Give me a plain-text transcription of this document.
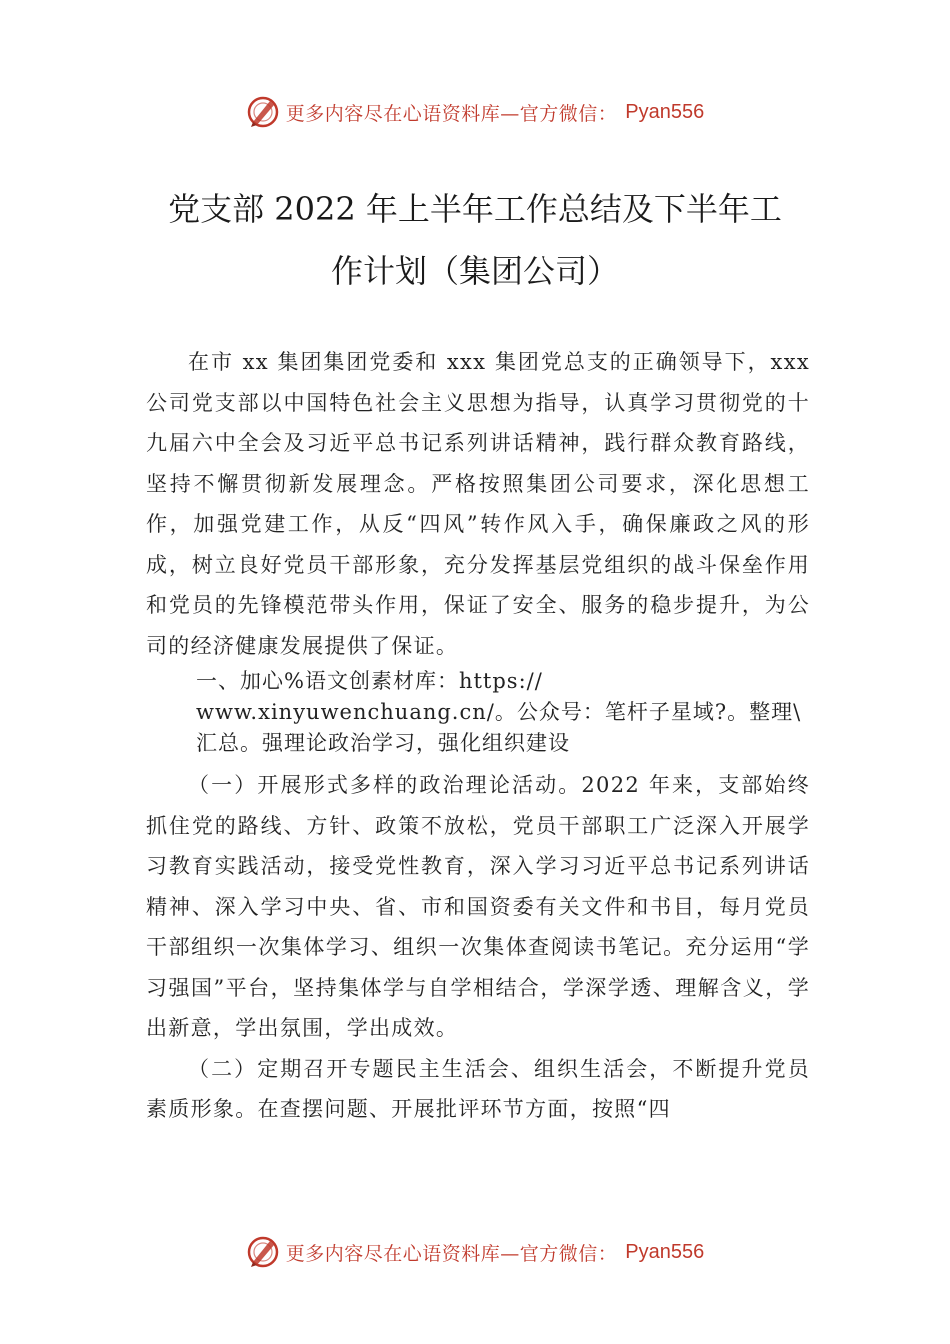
更多内容尽在心语资料库—官方微信： Pyan556
党支部 2022 年上半年工作总结及下半年工
作计划（集团公司）

在市 xx 集团集团党委和 xxx 集团党总支的正确领导下，xxx 公司党支部以中国特色社会主义思想为指导，认真学习贯彻党的十九届六中全会及习近平总书记系列讲话精神，践行群众教育路线，坚持不懈贯彻新发展理念。严格按照集团公司要求，深化思想工作，加强党建工作，从反“四风”转作风入手，确保廉政之风的形成，树立良好党员干部形象，充分发挥基层党组织的战斗保垒作用和党员的先锋模范带头作用，保证了安全、服务的稳步提升，为公司的经济健康发展提供了保证。

一、加心%语文创素材库：https://
www.xinyuwenchuang.cn/。公众号：笔杆子星域?。整理\
汇总。强理论政治学习，强化组织建设

（一）开展形式多样的政治理论活动。2022 年来，支部始终抓住党的路线、方针、政策不放松，党员干部职工广泛深入开展学习教育实践活动，接受党性教育，深入学习习近平总书记系列讲话精神、深入学习中央、省、市和国资委有关文件和书目，每月党员干部组织一次集体学习、组织一次集体查阅读书笔记。充分运用“学习强国”平台，坚持集体学与自学相结合，学深学透、理解含义，学出新意，学出氛围，学出成效。

（二）定期召开专题民主生活会、组织生活会，不断提升党员素质形象。在查摆问题、开展批评环节方面，按照“四

更多内容尽在心语资料库—官方微信： Pyan556
